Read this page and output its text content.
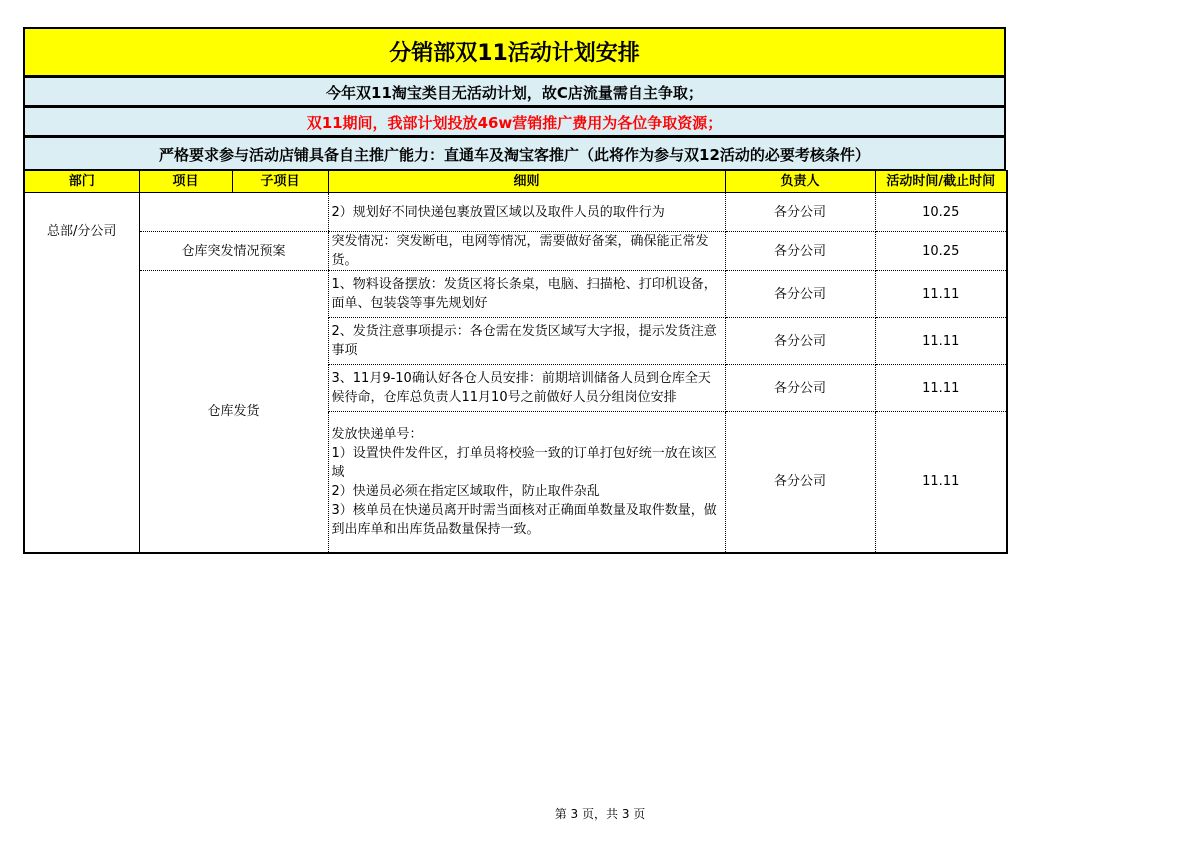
分销部双11活动计划安排
今年双11淘宝类目无活动计划，故C店流量需自主争取；
双11期间，我部计划投放46w营销推广费用为各位争取资源；
严格要求参与活动店铺具备自主推广能力：直通车及淘宝客推广（此将作为参与双12活动的必要考核条件）
部门	项目	子项目	细则	负责人	活动时间/截止时间
总部/分公司			2）规划好不同快递包裹放置区域以及取件人员的取件行为	各分公司	10.25
	仓库突发情况预案		突发情况：突发断电，电网等情况，需要做好备案，确保能正常发货。	各分公司	10.25
	仓库发货		1、物料设备摆放：发货区将长条桌，电脑、扫描枪、打印机设备，面单、包装袋等事先规划好	各分公司	11.11
			2、发货注意事项提示：各仓需在发货区域写大字报，提示发货注意事项	各分公司	11.11
			3、11月9-10确认好各仓人员安排：前期培训储备人员到仓库全天候待命，仓库总负责人11月10号之前做好人员分组岗位安排	各分公司	11.11

			发放快递单号：
1）设置快件发件区，打单员将校验一致的订单打包好统一放在该区域
2）快递员必须在指定区域取件，防止取件杂乱
3）核单员在快递员离开时需当面核对正确面单数量及取件数量，做到出库单和出库货品数量保持一致。	各分公司	11.11
第 3 页，共 3 页
